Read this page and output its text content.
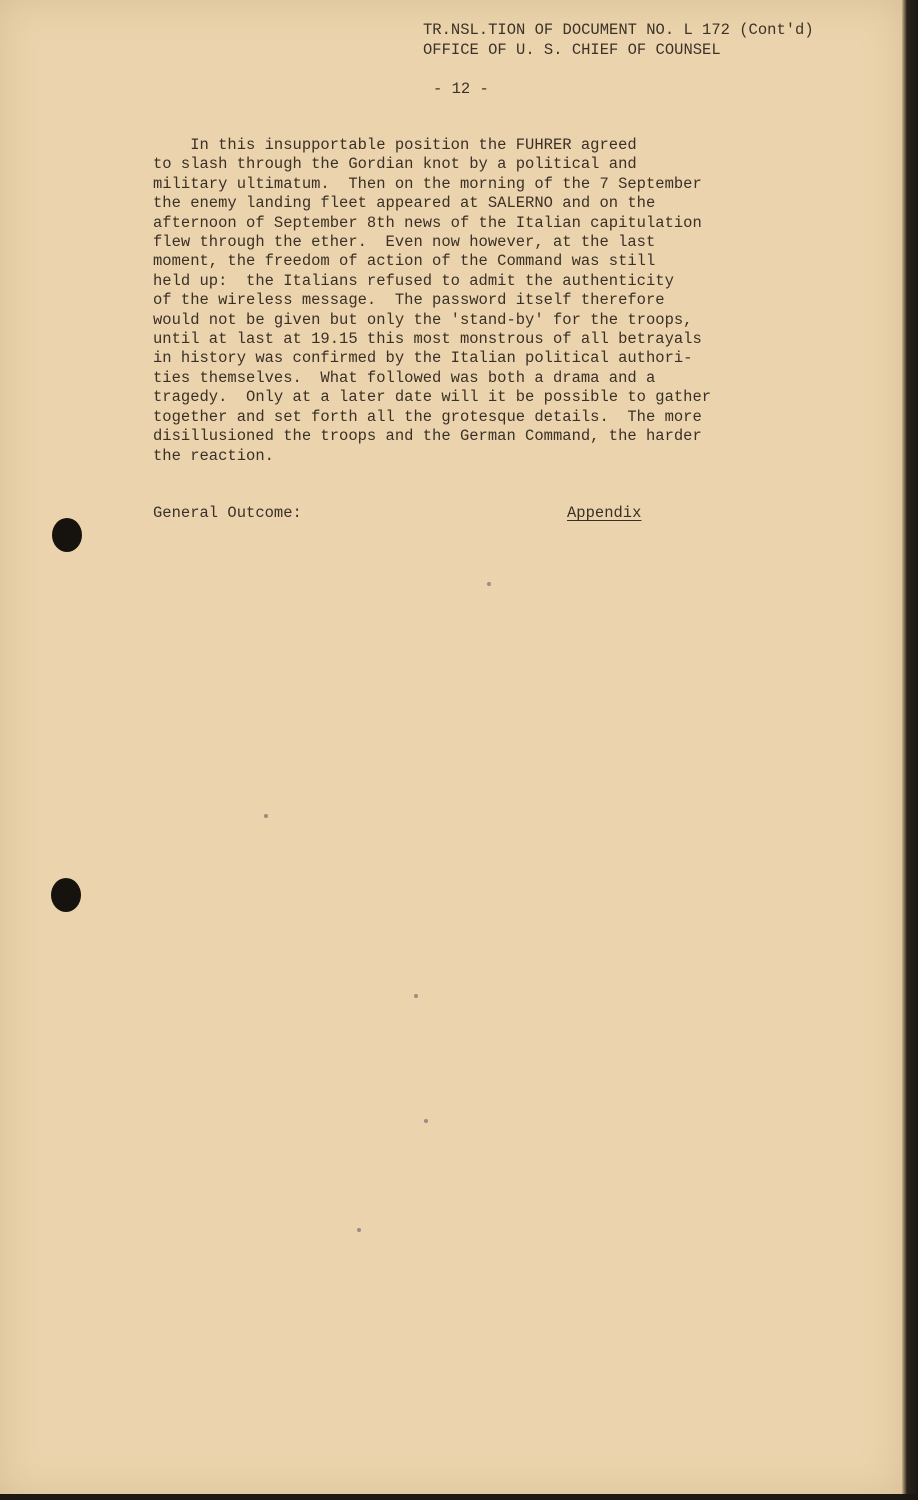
TR.NSL.TION OF DOCUMENT NO. L 172 (Cont'd)
OFFICE OF U. S. CHIEF OF COUNSEL
- 12 -
In this insupportable position the FUHRER agreed
to slash through the Gordian knot by a political and
military ultimatum.  Then on the morning of the 7 September
the enemy landing fleet appeared at SALERNO and on the
afternoon of September 8th news of the Italian capitulation
flew through the ether.  Even now however, at the last
moment, the freedom of action of the Command was still
held up:  the Italians refused to admit the authenticity
of the wireless message.  The password itself therefore
would not be given but only the 'stand-by' for the troops,
until at last at 19.15 this most monstrous of all betrayals
in history was confirmed by the Italian political authori-
ties themselves.  What followed was both a drama and a
tragedy.  Only at a later date will it be possible to gather
together and set forth all the grotesque details.  The more
disillusioned the troops and the German Command, the harder
the reaction.
General Outcome:	Appendix
